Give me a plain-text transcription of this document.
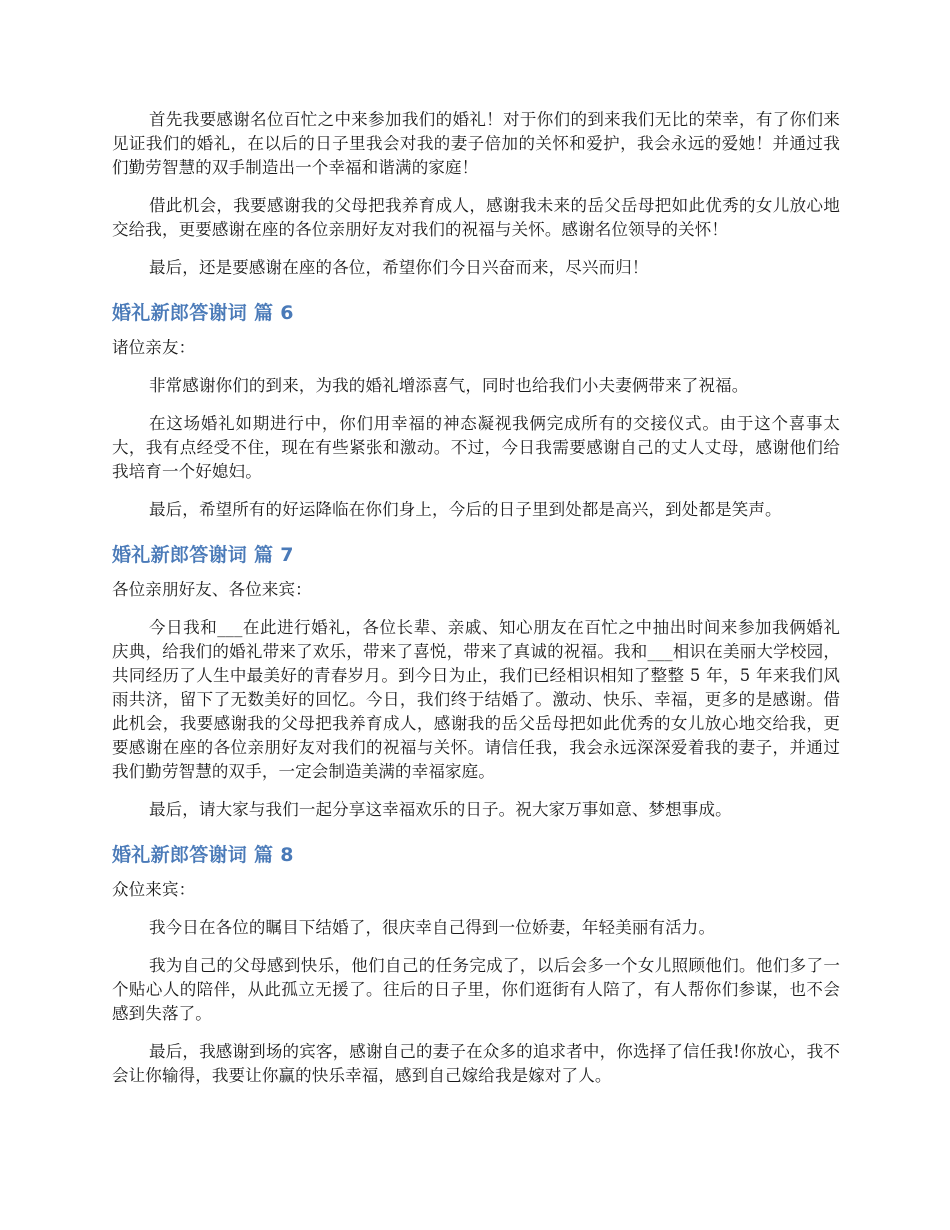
首先我要感谢名位百忙之中来参加我们的婚礼！对于你们的到来我们无比的荣幸，有了你们来见证我们的婚礼，在以后的日子里我会对我的妻子倍加的关怀和爱护，我会永远的爱她！并通过我们勤劳智慧的双手制造出一个幸福和谐满的家庭！

借此机会，我要感谢我的父母把我养育成人，感谢我未来的岳父岳母把如此优秀的女儿放心地交给我，更要感谢在座的各位亲朋好友对我们的祝福与关怀。感谢名位领导的关怀！

最后，还是要感谢在座的各位，希望你们今日兴奋而来，尽兴而归！

婚礼新郎答谢词 篇 6

诸位亲友：

非常感谢你们的到来，为我的婚礼增添喜气，同时也给我们小夫妻俩带来了祝福。

在这场婚礼如期进行中，你们用幸福的神态凝视我俩完成所有的交接仪式。由于这个喜事太大，我有点经受不住，现在有些紧张和激动。不过，今日我需要感谢自己的丈人丈母，感谢他们给我培育一个好媳妇。

最后，希望所有的好运降临在你们身上，今后的日子里到处都是高兴，到处都是笑声。

婚礼新郎答谢词 篇 7

各位亲朋好友、各位来宾：

今日我和___在此进行婚礼，各位长辈、亲戚、知心朋友在百忙之中抽出时间来参加我俩婚礼庆典，给我们的婚礼带来了欢乐，带来了喜悦，带来了真诚的祝福。我和___相识在美丽大学校园，共同经历了人生中最美好的青春岁月。到今日为止，我们已经相识相知了整整 5 年，5 年来我们风雨共济，留下了无数美好的回忆。今日，我们终于结婚了。激动、快乐、幸福，更多的是感谢。借此机会，我要感谢我的父母把我养育成人，感谢我的岳父岳母把如此优秀的女儿放心地交给我，更要感谢在座的各位亲朋好友对我们的祝福与关怀。请信任我，我会永远深深爱着我的妻子，并通过我们勤劳智慧的双手，一定会制造美满的幸福家庭。

最后，请大家与我们一起分享这幸福欢乐的日子。祝大家万事如意、梦想事成。

婚礼新郎答谢词 篇 8

众位来宾：

我今日在各位的瞩目下结婚了，很庆幸自己得到一位娇妻，年轻美丽有活力。

我为自己的父母感到快乐，他们自己的任务完成了，以后会多一个女儿照顾他们。他们多了一个贴心人的陪伴，从此孤立无援了。往后的日子里，你们逛街有人陪了，有人帮你们参谋，也不会感到失落了。

最后，我感谢到场的宾客，感谢自己的妻子在众多的追求者中，你选择了信任我!你放心，我不会让你输得，我要让你赢的快乐幸福，感到自己嫁给我是嫁对了人。
